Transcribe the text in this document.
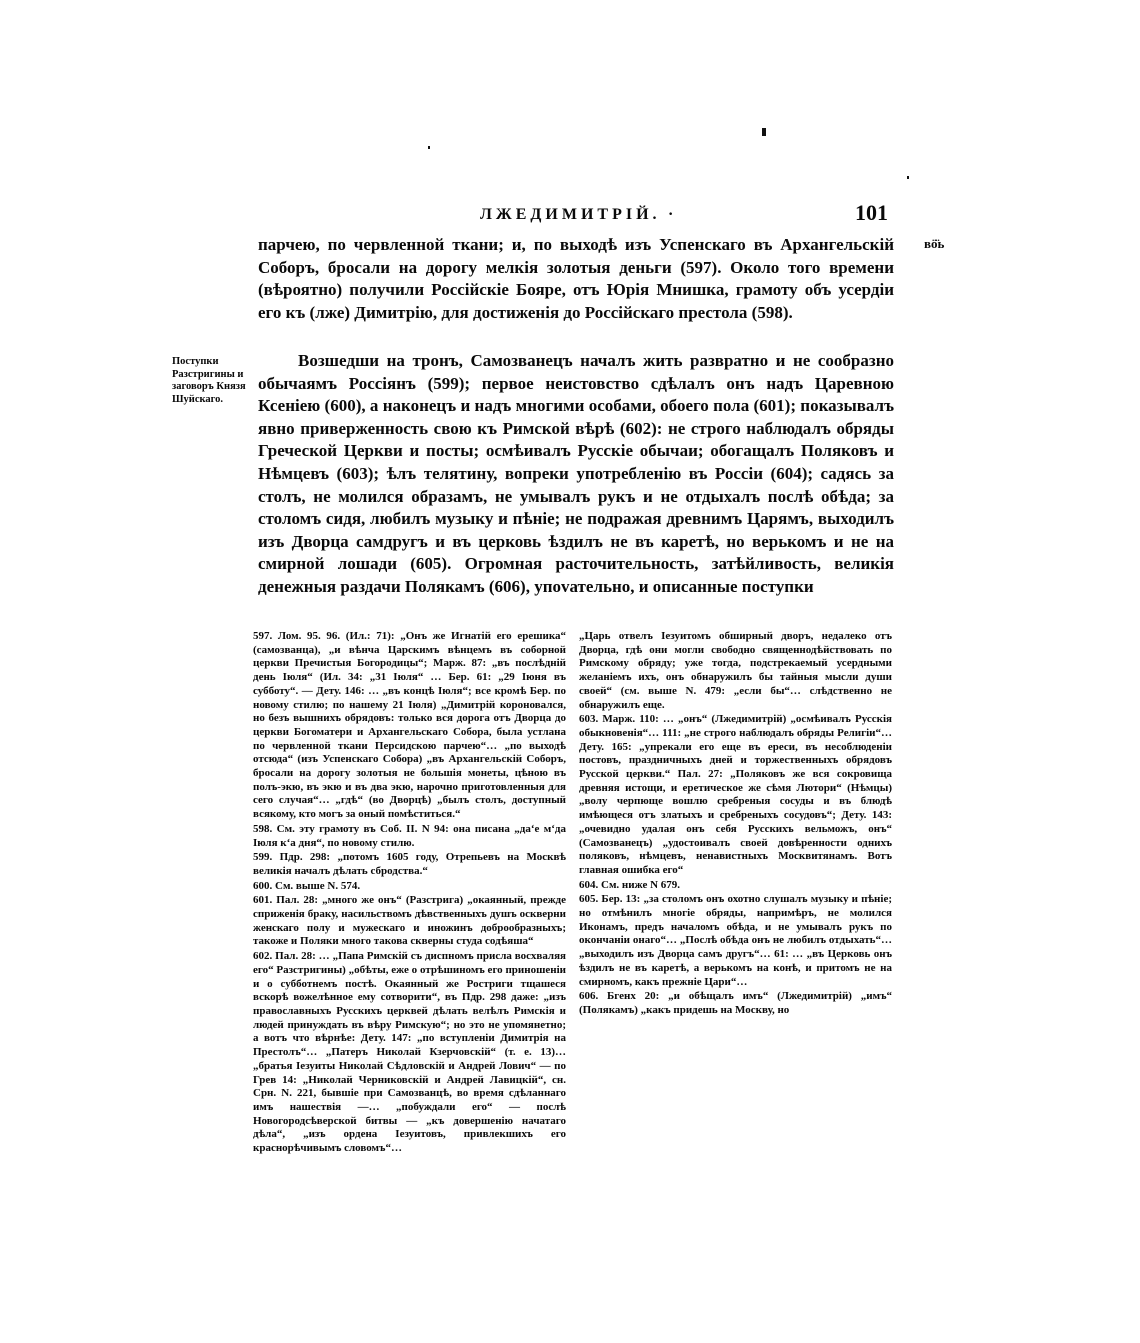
ЛЖЕДИМИТРІЙ. ·	101
вӧ̈ь

парчею, по червленной ткани; и, по выходѣ изъ Успенскаго въ Архангельскій Соборъ, бросали на дорогу мелкія золотыя деньги (597). Около того времени (вѣроятно) получили Россійскіе Бояре, отъ Юрія Мнишка, грамоту объ усердіи его къ (лже) Димитрію, для достиженія до Россійскаго престола (598).

Поступки Разстригины и заговоръ Князя Шуйскаго.

Возшедши на тронъ, Самозванецъ началъ жить развратно и не сообразно обычаямъ Россіянъ (599); первое неистовство сдѣлалъ онъ надъ Царевною Ксеніею (600), а наконецъ и надъ многими особами, обоего пола (601); показывалъ явно приверженность свою къ Римской вѣрѣ (602): не строго наблюдалъ обряды Греческой Церкви и посты; осмѣивалъ Русскіе обычаи; обогащалъ Поляковъ и Нѣмцевъ (603); ѣлъ телятину, вопреки употребленію въ Россіи (604); садясь за столъ, не молился образамъ, не умывалъ рукъ и не отдыхалъ послѣ обѣда; за столомъ сидя, любилъ музыку и пѣніе; не подражая древнимъ Царямъ, выходилъ изъ Дворца самдругъ и въ церковь ѣздилъ не въ каретѣ, но верькомъ и не на смирной лошади (605). Огромная расточительность, затѣйливость, великія денежныя раздачи Полякамъ (606), упоᴠательно, и описанные поступки

597. Лом. 95. 96. (Ил.: 71): „Онъ же Игнатій его ерешика“ (самозванца), „и вѣнча Царскимъ вѣнцемъ въ соборной церкви Пречистыя Богородицы“; Марж. 87: „въ послѣдній день Іюля“ (Ил. 34: „31 Іюля“ … Бер. 61: „29 Іюня въ субботу“. — Дету. 146: … „въ концѣ Іюля“; все кромѣ Бер. по новому стилю; по нашему 21 Іюля) „Димитрій короновался, но безъ вышнихъ обрядовъ: только вся дорога отъ Дворца до церкви Богоматери и Архангельскаго Собора, была устлана по червленной ткани Персидскою парчею“… „по выходѣ отсюда“ (изъ Успенскаго Собора) „въ Архангельскій Соборъ, бросали на дорогу золотыя не большія монеты, цѣною въ полъ-экю, въ экю и въ два экю, нарочно приготовленныя для сего случая“… „гдѣ“ (во Дворцѣ) „былъ столъ, доступный всякому, кто могъ за оный помѣститься.“

598. См. эту грамоту въ Соб. II. N 94: она писана „да‘е м‘да Іюля к‘а дня“, по новому стилю.

599. Пдр. 298: „потомъ 1605 году, Отрепьевъ на Москвѣ великія началъ дѣлать сбродства.“

600. См. выше N. 574.

601. Пал. 28: „много же онъ“ (Разстрига) „окаянный, прежде сприженія браку, насильствомъ дѣвственныхъ душъ оскверни женскаго полу и мужескаго и иножинъ доброобразныхъ; такоже и Поляки много такова скверны студа содѣяша“

602. Пал. 28: … „Папа Римскій съ диспномъ присла восхваляя его“ Разстригины) „обѣты, еже о отрѣшиномъ его приношеніи и о субботнемъ постѣ. Окаянный же Ростриги тщашеся вскорѣ вожелѣнное ему сотворити“, въ Пдр. 298 даже: „изъ православныхъ Русскихъ церквей дѣлать велѣлъ Римскія и людей принуждать въ вѣру Римскую“; но это не упомянетно; а вотъ что вѣрнѣе: Дету. 147: „по вступленіи Димитрія на Престолъ“… „Патеръ Николай Кзерчовскій“ (т. е. 13)… „братья Іезуиты Николай Сѣдловскій и Андрей Лович“ — по Грев 14: „Николай Черниковскій и Андрей Лавицкій“, сн. Срн. N. 221, бывшіе при Самозванцѣ, во время сдѣланнаго имъ нашествія —… „побуждали его“ — послѣ Новогородсѣверской битвы — „къ довершенію начатаго дѣла“, „изъ ордена Іезуитовъ, привлекшихъ его краснорѣчивымъ словомъ“…

„Царь отвелъ Іезуитомъ обширный дворъ, недалеко отъ Дворца, гдѣ они могли свободно священнодѣйствовать по Римскому обряду; уже тогда, подстрекаемый усердными желаніемъ ихъ, онъ обнаружилъ бы тайныя мысли души своей“ (см. выше N. 479: „если бы“… слѣдственно не обнаружилъ еще.

603. Марж. 110: … „онъ“ (Лжедимитрій) „осмѣивалъ Русскія обыкновенія“… 111: „не строго наблюдалъ обряды Религіи“… Дету. 165: „упрекали его еще въ ереси, въ несоблюденіи постовъ, праздничныхъ дней и торжественныхъ обрядовъ Русской церкви.“ Пал. 27: „Поляковъ же вся сокровища древняя истощи, и еретическое же сѣмя Лютори“ (Нѣмцы) „волу черпюще вошлю сребреныя сосуды и въ блюдѣ имѣющеся отъ златыхъ и сребреныхъ сосудовъ“; Дету. 143: „очевидно удалая онъ себя Русскихъ вельможъ, онъ“ (Самозванецъ) „удостоивалъ своей довѣренности однихъ поляковъ, нѣмцевъ, ненавистныхъ Москвитянамъ. Вотъ главная ошибка его“

604. См. ниже N 679.

605. Бер. 13: „за столомъ онъ охотно слушалъ музыку и пѣніе; но отмѣнилъ многіе обряды, напримѣръ, не молился Иконамъ, предъ началомъ обѣда, и не умывалъ рукъ по окончаніи онаго“… „Послѣ обѣда онъ не любилъ отдыхать“… „выходилъ изъ Дворца самъ другъ“… 61: … „въ Церковь онъ ѣздилъ не въ каретѣ, а верькомъ на конѣ, и притомъ не на смирномъ, какъ прежніе Цари“…

606. Бгенх 20: „и обѣщалъ имъ“ (Лжедимитрій) „имъ“ (Полякамъ) „какъ придешь на Москву, но
